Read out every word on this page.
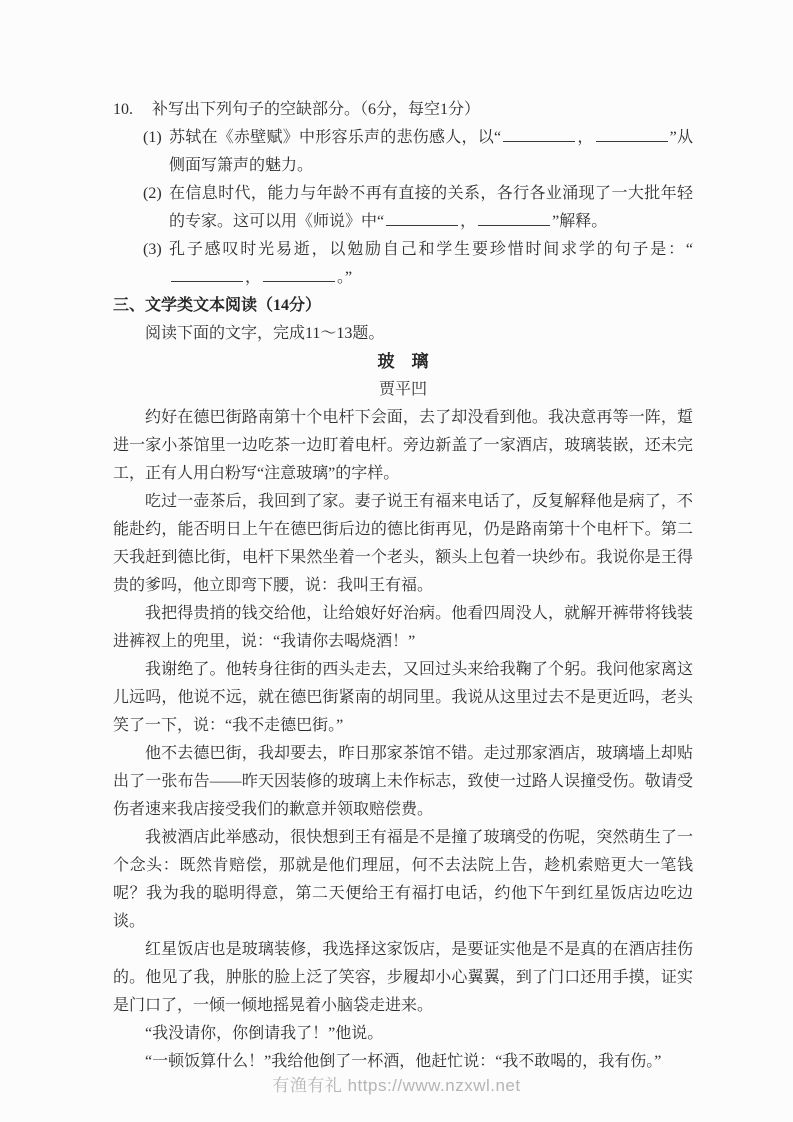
10.	补写出下列句子的空缺部分。（6分，每空1分）
(1) 苏轼在《赤壁赋》中形容乐声的悲伤感人，以“	，	”从侧面写箫声的魅力。
(2) 在信息时代，能力与年龄不再有直接的关系，各行各业涌现了一大批年轻的专家。这可以用《师说》中“	，	”解释。
(3) 孔子感叹时光易逝，以勉励自己和学生要珍惜时间求学的句子是：“，	。”
三、文学类文本阅读（14分）

阅读下面的文字，完成11～13题。

玻　璃

贾平凹

约好在德巴街路南第十个电杆下会面，去了却没看到他。我决意再等一阵，踅进一家小茶馆里一边吃茶一边盯着电杆。旁边新盖了一家酒店，玻璃装嵌，还未完工，正有人用白粉写“注意玻璃”的字样。

吃过一壶茶后，我回到了家。妻子说王有福来电话了，反复解释他是病了，不能赴约，能否明日上午在德巴街后边的德比街再见，仍是路南第十个电杆下。第二天我赶到德比街，电杆下果然坐着一个老头，额头上包着一块纱布。我说你是王得贵的爹吗，他立即弯下腰，说：我叫王有福。

我把得贵捎的钱交给他，让给娘好好治病。他看四周没人，就解开裤带将钱装进裤衩上的兜里，说：“我请你去喝烧酒！”

我谢绝了。他转身往街的西头走去，又回过头来给我鞠了个躬。我问他家离这儿远吗，他说不远，就在德巴街紧南的胡同里。我说从这里过去不是更近吗，老头笑了一下，说：“我不走德巴街。”

他不去德巴街，我却要去，昨日那家茶馆不错。走过那家酒店，玻璃墙上却贴出了一张布告——昨天因装修的玻璃上未作标志，致使一过路人误撞受伤。敬请受伤者速来我店接受我们的歉意并领取赔偿费。

我被酒店此举感动，很快想到王有福是不是撞了玻璃受的伤呢，突然萌生了一个念头：既然肯赔偿，那就是他们理屈，何不去法院上告，趁机索赔更大一笔钱呢？我为我的聪明得意，第二天便给王有福打电话，约他下午到红星饭店边吃边谈。

红星饭店也是玻璃装修，我选择这家饭店，是要证实他是不是真的在酒店挂伤的。他见了我，肿胀的脸上泛了笑容，步履却小心翼翼，到了门口还用手摸，证实是门口了，一倾一倾地摇晃着小脑袋走进来。

“我没请你，你倒请我了！”他说。

“一顿饭算什么！”我给他倒了一杯酒，他赶忙说：“我不敢喝的，我有伤。”

有渔有礼 https://www.nzxwl.net
